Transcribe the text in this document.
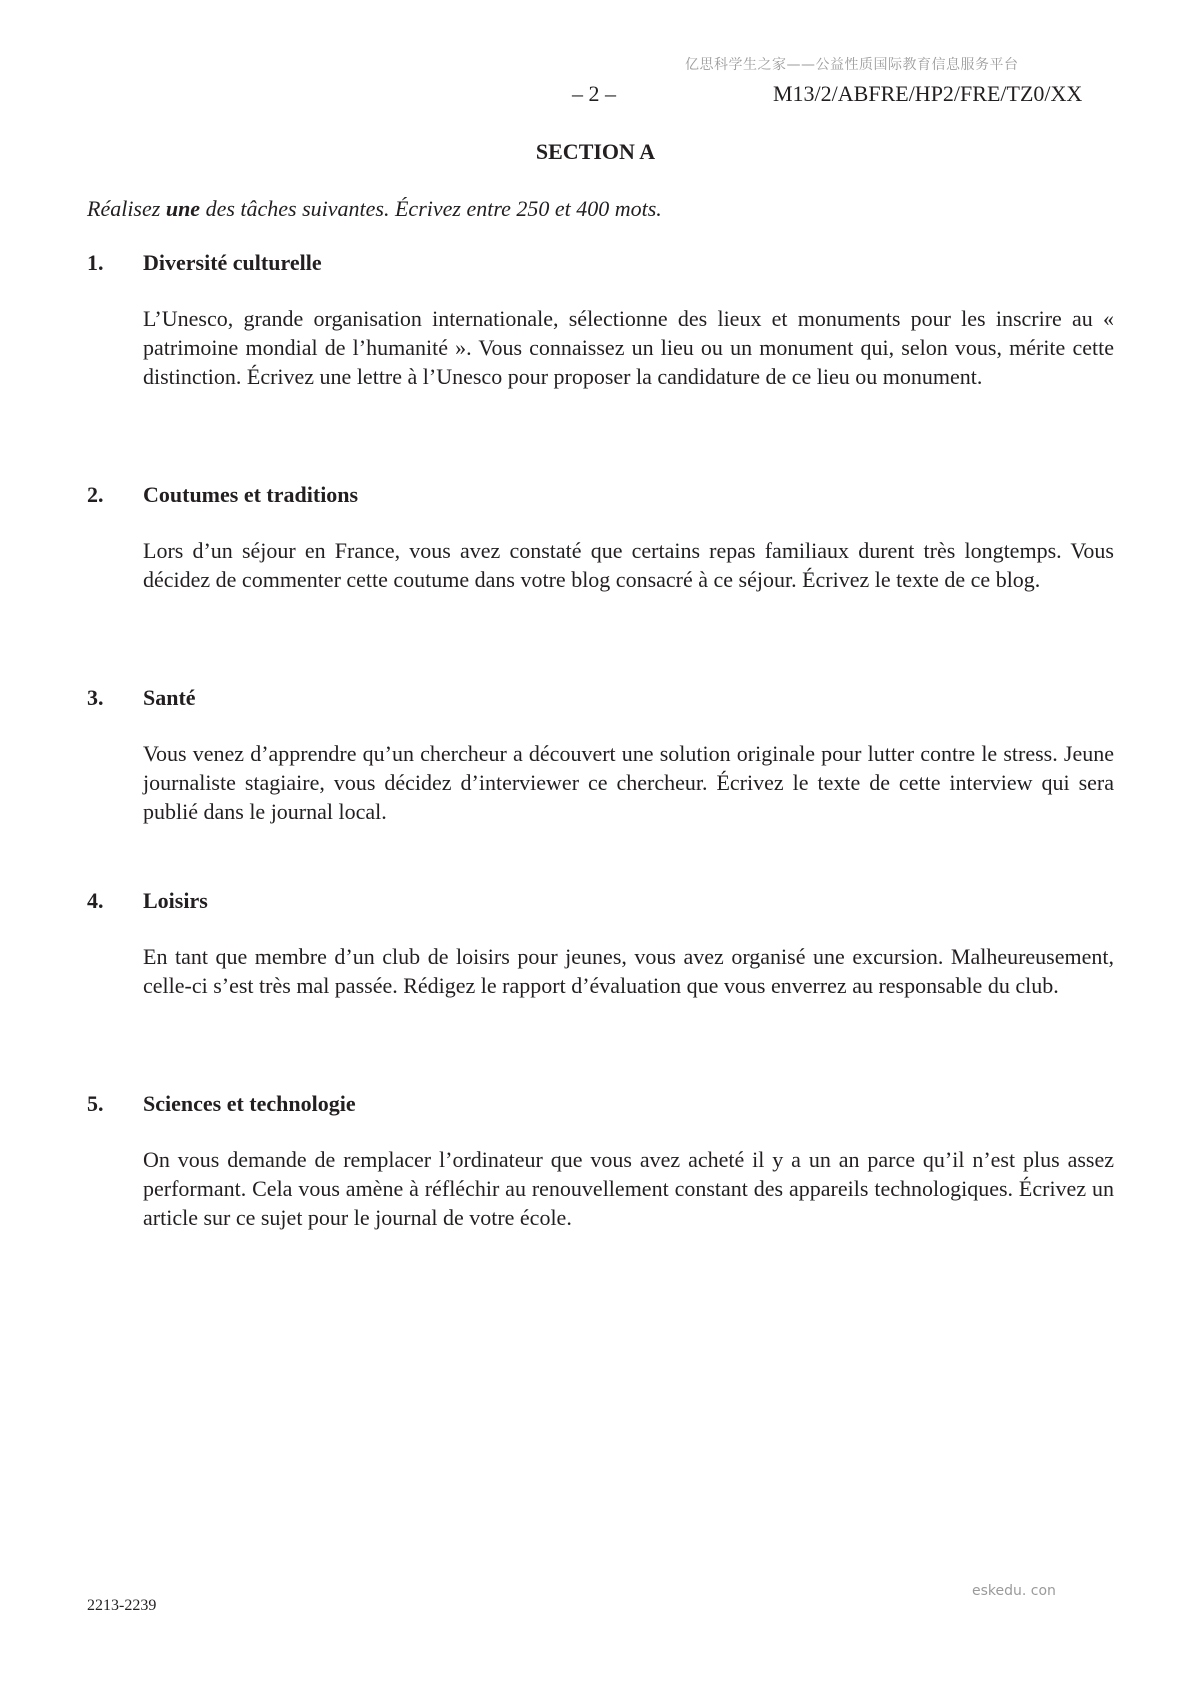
亿思科学生之家——公益性质国际教育信息服务平台
– 2 –	M13/2/ABFRE/HP2/FRE/TZ0/XX
SECTION A
Réalisez une des tâches suivantes. Écrivez entre 250 et 400 mots.
1.	Diversité culturelle
L’Unesco, grande organisation internationale, sélectionne des lieux et monuments pour les inscrire au « patrimoine mondial de l’humanité ». Vous connaissez un lieu ou un monument qui, selon vous, mérite cette distinction. Écrivez une lettre à l’Unesco pour proposer la candidature de ce lieu ou monument.
2.	Coutumes et traditions
Lors d’un séjour en France, vous avez constaté que certains repas familiaux durent très longtemps. Vous décidez de commenter cette coutume dans votre blog consacré à ce séjour. Écrivez le texte de ce blog.
3.	Santé
Vous venez d’apprendre qu’un chercheur a découvert une solution originale pour lutter contre le stress. Jeune journaliste stagiaire, vous décidez d’interviewer ce chercheur. Écrivez le texte de cette interview qui sera publié dans le journal local.
4.	Loisirs
En tant que membre d’un club de loisirs pour jeunes, vous avez organisé une excursion. Malheureusement, celle-ci s’est très mal passée. Rédigez le rapport d’évaluation que vous enverrez au responsable du club.
5.	Sciences et technologie
On vous demande de remplacer l’ordinateur que vous avez acheté il y a un an parce qu’il n’est plus assez performant. Cela vous amène à réfléchir au renouvellement constant des appareils technologiques. Écrivez un article sur ce sujet pour le journal de votre école.
2213-2239
eskedu. con
